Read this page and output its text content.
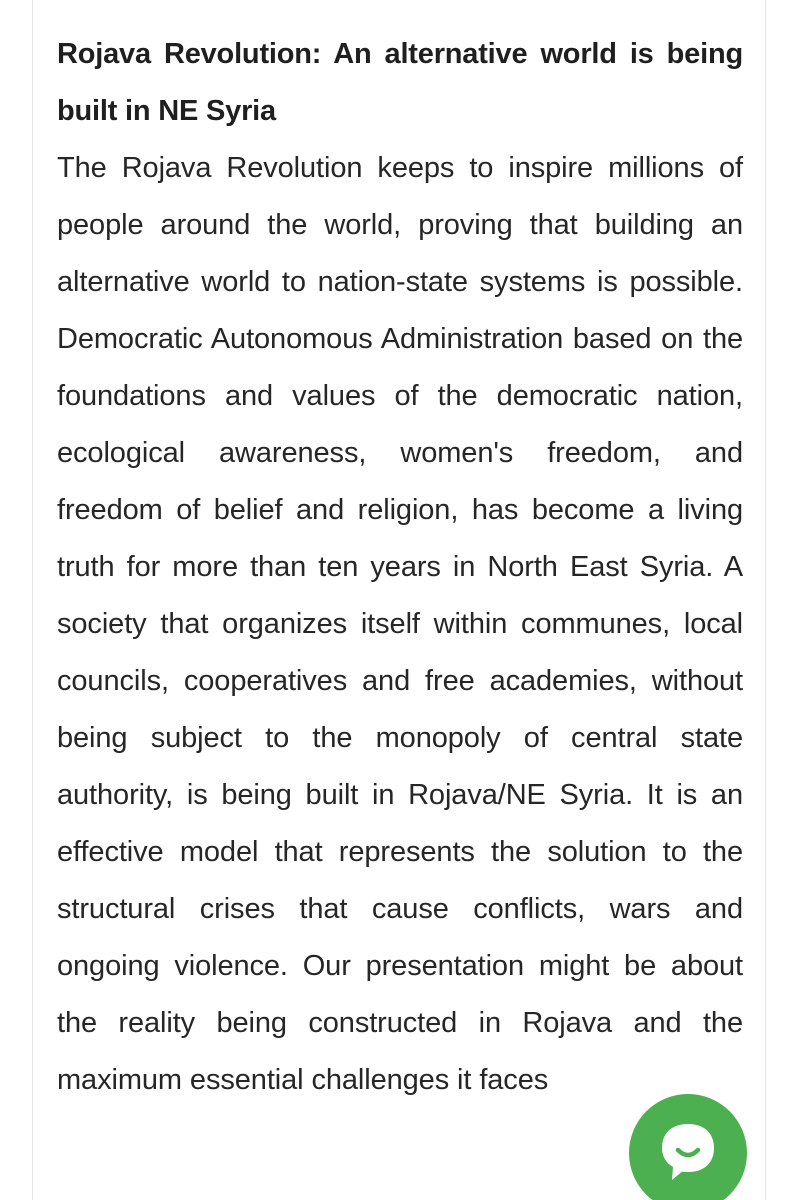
Rojava Revolution: An alternative world is being built in NE Syria

The Rojava Revolution keeps to inspire millions of people around the world, proving that building an alternative world to nation-state systems is possible. Democratic Autonomous Administration based on the foundations and values of the democratic nation, ecological awareness, women's freedom, and freedom of belief and religion, has become a living truth for more than ten years in North East Syria. A society that organizes itself within communes, local councils, cooperatives and free academies, without being subject to the monopoly of central state authority, is being built in Rojava/NE Syria. It is an effective model that represents the solution to the structural crises that cause conflicts, wars and ongoing violence. Our presentation might be about the reality being constructed in Rojava and the maximum essential challenges it faces
